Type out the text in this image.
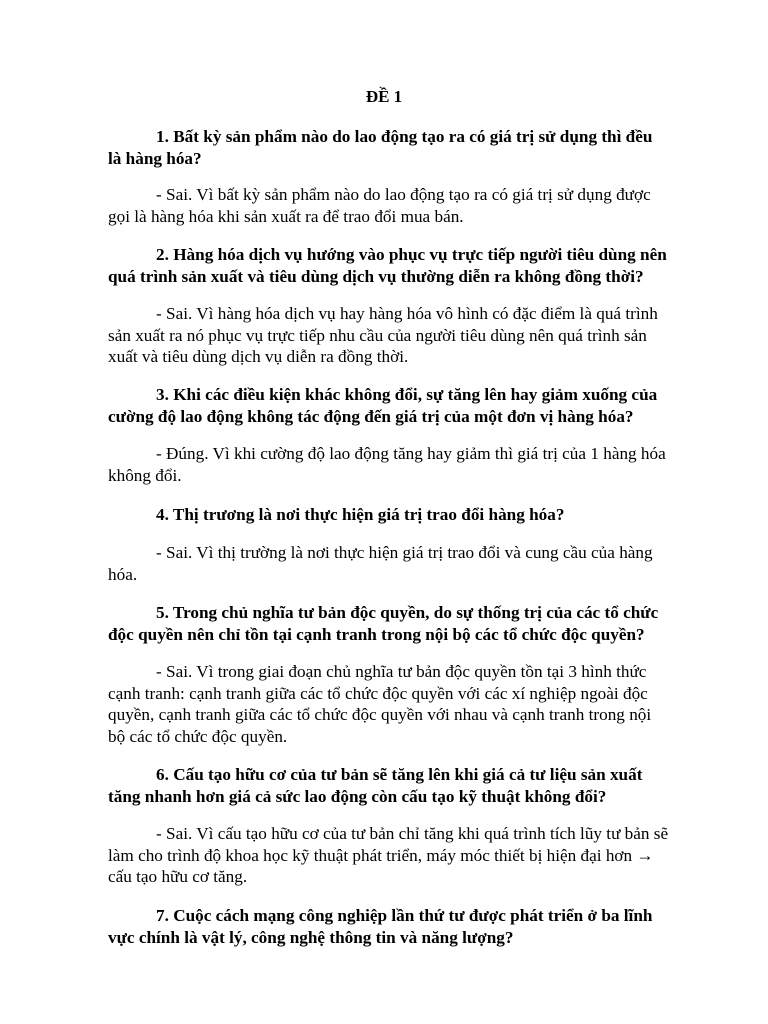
ĐỀ 1
1. Bất kỳ sản phẩm nào do lao động tạo ra có giá trị sử dụng thì đều
là hàng hóa?
- Sai. Vì bất kỳ sản phẩm nào do lao động tạo ra có giá trị sử dụng được
gọi là hàng hóa khi sản xuất ra để trao đổi mua bán.
2. Hàng hóa dịch vụ hướng vào phục vụ trực tiếp người tiêu dùng nên
quá trình sản xuất và tiêu dùng dịch vụ thường diễn ra không đồng thời?
- Sai. Vì hàng hóa dịch vụ hay hàng hóa vô hình có đặc điểm là quá trình
sản xuất ra nó phục vụ trực tiếp nhu cầu của người tiêu dùng nên quá trình sản
xuất và tiêu dùng dịch vụ diễn ra đồng thời.
3. Khi các điều kiện khác không đổi, sự tăng lên hay giảm xuống của
cường độ lao động không tác động đến giá trị của một đơn vị hàng hóa?
- Đúng. Vì khi cường độ lao động tăng hay giảm thì giá trị của 1 hàng hóa
không đổi.
4. Thị trương là nơi thực hiện giá trị trao đổi hàng hóa?
- Sai. Vì thị trường là nơi thực hiện giá trị trao đổi và cung cầu của hàng
hóa.
5. Trong chủ nghĩa tư bản độc quyền, do sự thống trị của các tổ chức
độc quyền nên chỉ tồn tại cạnh tranh trong nội bộ các tổ chức độc quyền?
- Sai. Vì trong giai đoạn chủ nghĩa tư bản độc quyền tồn tại 3 hình thức
cạnh tranh: cạnh tranh giữa các tổ chức độc quyền với các xí nghiệp ngoài độc
quyền, cạnh tranh giữa các tổ chức độc quyền với nhau và cạnh tranh trong nội
bộ các tổ chức độc quyền.
6. Cấu tạo hữu cơ của tư bản sẽ tăng lên khi giá cả tư liệu sản xuất
tăng nhanh hơn giá cả sức lao động còn cấu tạo kỹ thuật không đổi?
- Sai. Vì cấu tạo hữu cơ của tư bản chỉ tăng khi quá trình tích lũy tư bản sẽ
làm cho trình độ khoa học kỹ thuật phát triển, máy móc thiết bị hiện đại hơn →
cấu tạo hữu cơ tăng.
7. Cuộc cách mạng công nghiệp lần thứ tư được phát triển ở ba lĩnh
vực chính là vật lý, công nghệ thông tin và năng lượng?
